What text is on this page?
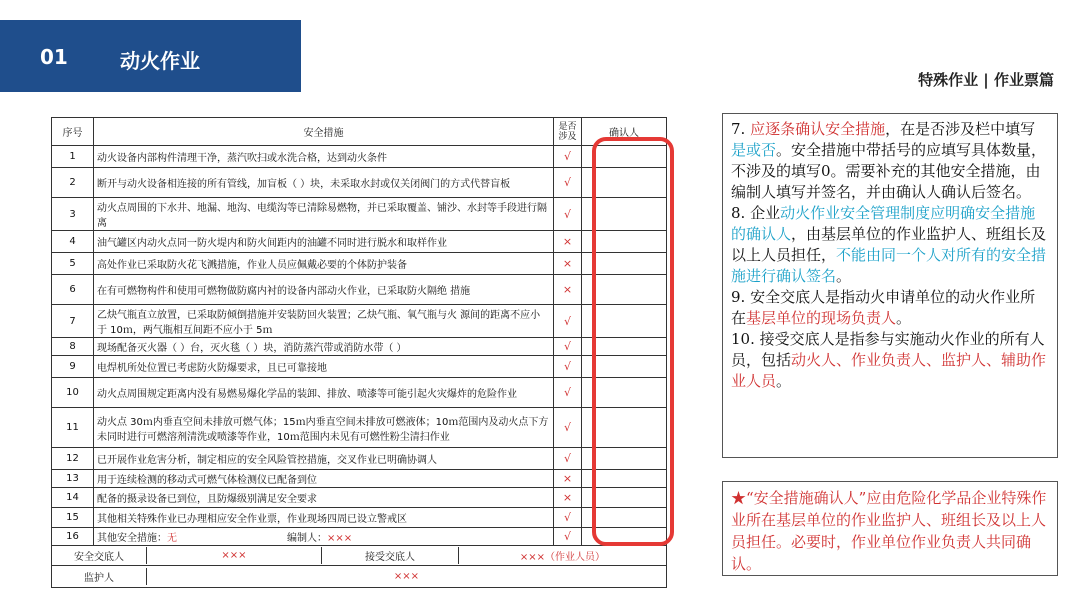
01	动火作业
特殊作业 | 作业票篇
序号	安全措施	是否涉及	确认人
1	动火设备内部构件清理干净，蒸汽吹扫或水洗合格，达到动火条件	√	
2	断开与动火设备相连接的所有管线，加盲板（ ）块，未采取水封或仅关闭阀门的方式代替盲板	√	
3	动火点周围的下水井、地漏、地沟、电缆沟等已清除易燃物，并已采取覆盖、铺沙、水封等手段进行隔离	√	
4	油气罐区内动火点同一防火堤内和防火间距内的油罐不同时进行脱水和取样作业	×	
5	高处作业已采取防火花飞溅措施，作业人员应佩戴必要的个体防护装备	×	
6	在有可燃物构件和使用可燃物做防腐内衬的设备内部动火作业，已采取防火隔绝 措施	×	
7	乙炔气瓶直立放置，已采取防倾倒措施并安装防回火装置；乙炔气瓶、氧气瓶与火 源间的距离不应小于 10ｍ，两气瓶相互间距不应小于 5ｍ	√	
8	现场配备灭火器（ ）台，灭火毯（ ）块，消防蒸汽带或消防水带（ ）	√	
9	电焊机所处位置已考虑防火防爆要求，且已可靠接地	√	
10	动火点周围规定距离内没有易燃易爆化学品的装卸、排放、喷漆等可能引起火灾爆炸的危险作业	√	
11	动火点 30ｍ内垂直空间未排放可燃气体；15ｍ内垂直空间未排放可燃液体；10ｍ范围内及动火点下方未同时进行可燃溶剂清洗或喷漆等作业，10ｍ范围内未见有可燃性粉尘清扫作业	√	
12	已开展作业危害分析，制定相应的安全风险管控措施，交叉作业已明确协调人	√	
13	用于连续检测的移动式可燃气体检测仪已配备到位	×	
14	配备的摄录设备已到位，且防爆级别满足安全要求	×	
15	其他相关特殊作业已办理相应安全作业票，作业现场四周已设立警戒区	√	
16	其他安全措施：无	编制人：×××	√	

安全交底人	×××	接受交底人	×××（作业人员）

监护人	×××

7. 应逐条确认安全措施，在是否涉及栏中填写是或否。安全措施中带括号的应填写具体数量，不涉及的填写0。需要补充的其他安全措施，由编制人填写并签名，并由确认人确认后签名。

8. 企业动火作业安全管理制度应明确安全措施的确认人，由基层单位的作业监护人、班组长及以上人员担任，不能由同一个人对所有的安全措施进行确认签名。

9. 安全交底人是指动火申请单位的动火作业所在基层单位的现场负责人。

10. 接受交底人是指参与实施动火作业的所有人员，包括动火人、作业负责人、监护人、辅助作业人员。

★“安全措施确认人”应由危险化学品企业特殊作业所在基层单位的作业监护人、班组长及以上人员担任。必要时，作业单位作业负责人共同确认。
